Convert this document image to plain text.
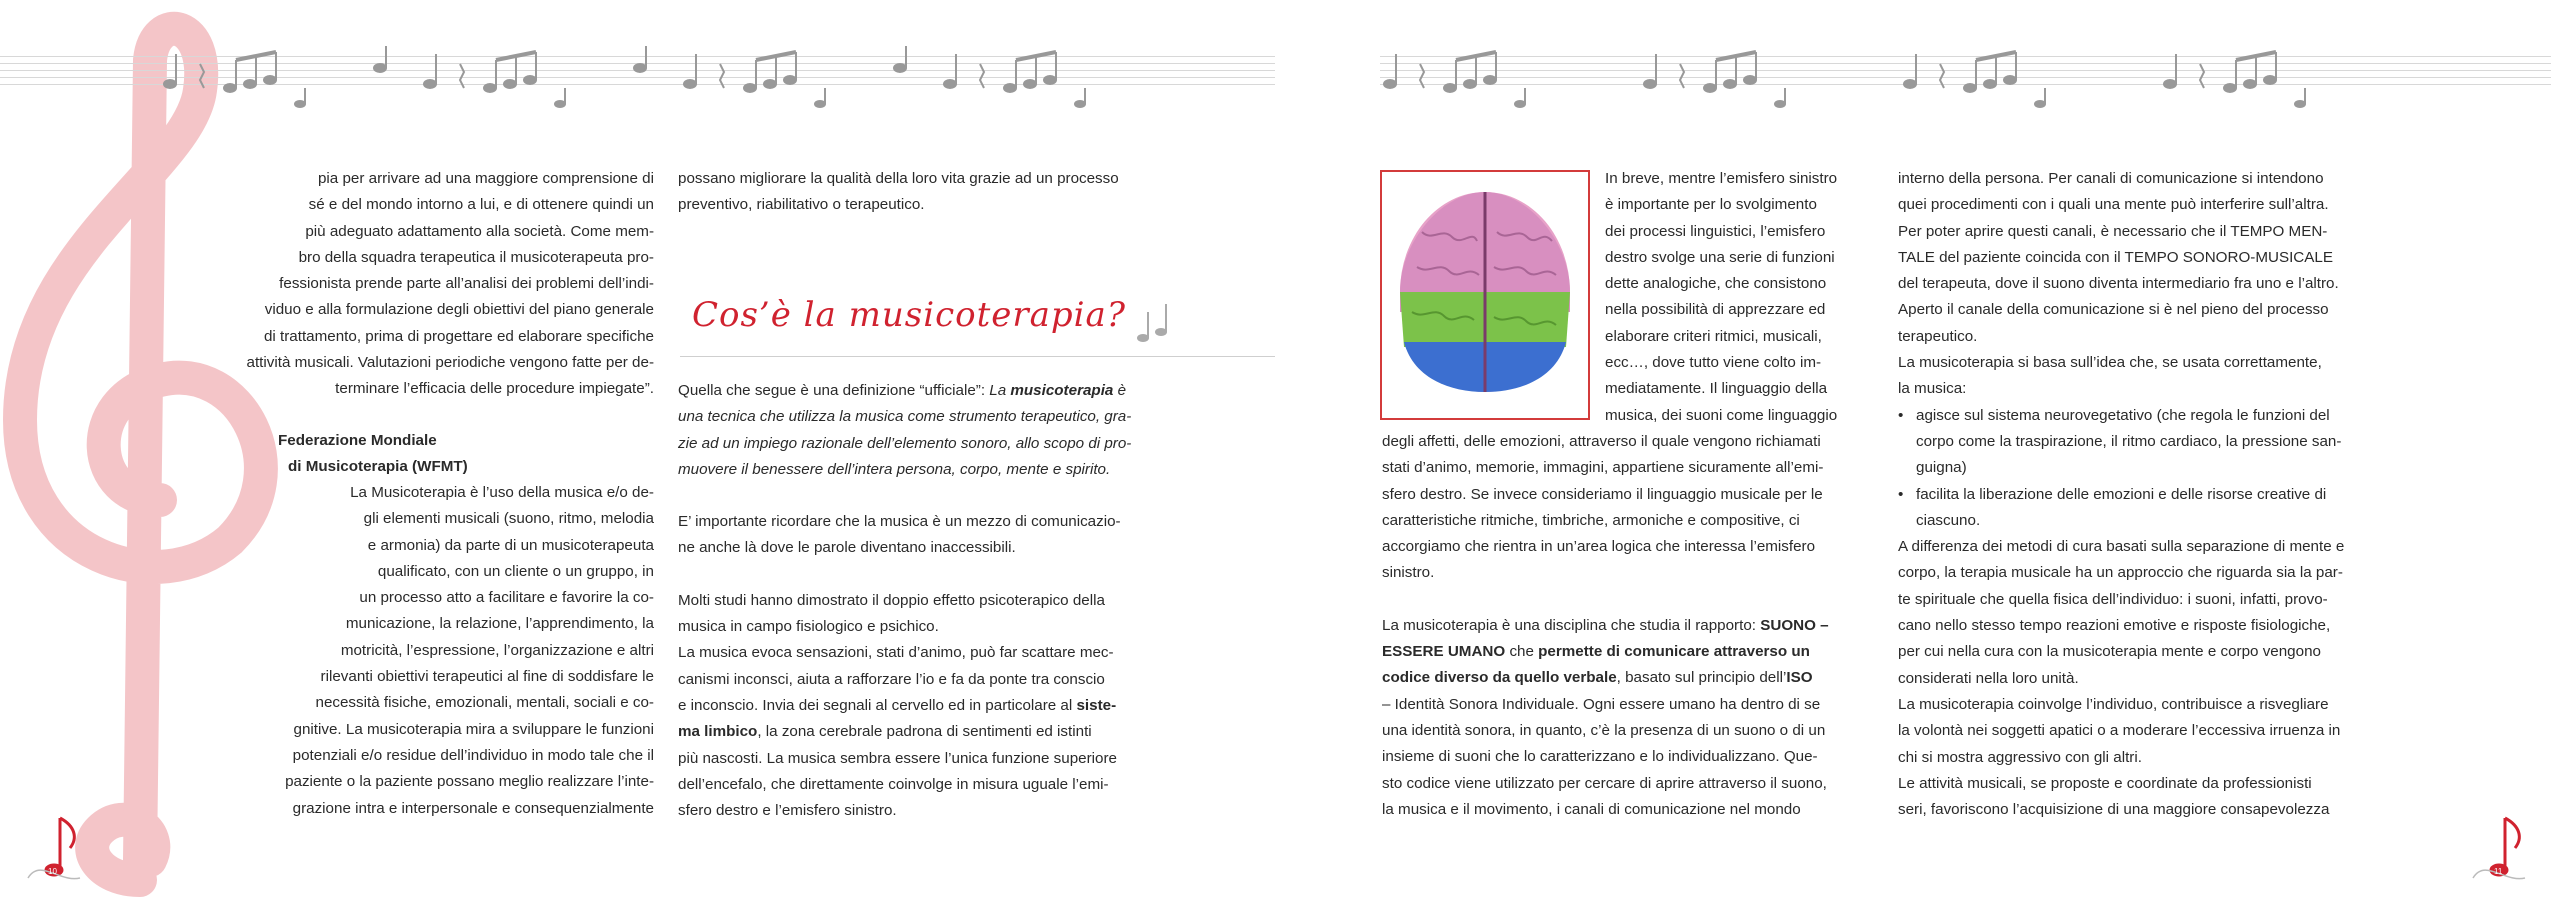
pia per arrivare ad una maggiore comprensione di

sé e del mondo intorno a lui, e di ottenere quindi un

più adeguato adattamento alla società. Come mem-

bro della squadra terapeutica il musicoterapeuta pro-

fessionista prende parte all’analisi dei problemi dell’indi-

viduo e alla formulazione degli obiettivi del piano generale

di trattamento, prima di progettare ed elaborare specifiche

attività musicali. Valutazioni periodiche vengono fatte per de-

terminare l’efficacia delle procedure impiegate”.

Federazione Mondiale

di Musicoterapia (WFMT)

La Musicoterapia è l’uso della musica e/o de-

gli elementi musicali (suono, ritmo, melodia

e armonia) da parte di un musicoterapeuta

qualificato, con un cliente o un gruppo, in

un processo atto a facilitare e favorire la co-

municazione, la relazione, l’apprendimento, la

motricità, l’espressione, l’organizzazione e altri

rilevanti obiettivi terapeutici al fine di soddisfare le

necessità fisiche, emozionali, mentali, sociali e co-

gnitive. La musicoterapia mira a sviluppare le funzioni

potenziali e/o residue dell’individuo in modo tale che il

paziente o la paziente possano meglio realizzare l’inte-

grazione intra e interpersonale e consequenzialmente

possano migliorare la qualità della loro vita grazie ad un processo

preventivo, riabilitativo o terapeutico.

Cos’è la musicoterapia?

Quella che segue è una definizione “ufficiale”: La musicoterapia è

una tecnica che utilizza la musica come strumento terapeutico, gra-

zie ad un impiego razionale dell’elemento sonoro, allo scopo di pro-

muovere il benessere dell’intera persona, corpo, mente e spirito.

E’ importante ricordare che la musica è un mezzo di comunicazio-

ne anche là dove le parole diventano inaccessibili.

Molti studi hanno dimostrato il doppio effetto psicoterapico della

musica in campo fisiologico e psichico.

La musica evoca sensazioni, stati d’animo, può far scattare mec-

canismi inconsci, aiuta a rafforzare l’io e fa da ponte tra conscio

e inconscio. Invia dei segnali al cervello ed in particolare al siste-

ma limbico, la zona cerebrale padrona di sentimenti ed istinti

più nascosti. La musica sembra essere l’unica funzione superiore

dell’encefalo, che direttamente coinvolge in misura uguale l’emi-

sfero destro e l’emisfero sinistro.

10

In breve, mentre l’emisfero sinistro

è importante per lo svolgimento

dei processi linguistici, l’emisfero

destro svolge una serie di funzioni

dette analogiche, che consistono

nella possibilità di apprezzare ed

elaborare criteri ritmici, musicali,

ecc…, dove tutto viene colto im-

mediatamente. Il linguaggio della

musica, dei suoni come linguaggio

degli affetti, delle emozioni, attraverso il quale vengono richiamati

stati d’animo, memorie, immagini, appartiene sicuramente all’emi-

sfero destro. Se invece consideriamo il linguaggio musicale per le

caratteristiche ritmiche, timbriche, armoniche e compositive, ci

accorgiamo che rientra in un’area logica che interessa l’emisfero

sinistro.

La musicoterapia è una disciplina che studia il rapporto: SUONO –

ESSERE UMANO che permette di comunicare attraverso un

codice diverso da quello verbale, basato sul principio dell’ISO

– Identità Sonora Individuale. Ogni essere umano ha dentro di se

una identità sonora, in quanto, c’è la presenza di un suono o di un

insieme di suoni che lo caratterizzano e lo individualizzano. Que-

sto codice viene utilizzato per cercare di aprire attraverso il suono,

la musica e il movimento, i canali di comunicazione nel mondo

interno della persona. Per canali di comunicazione si intendono

quei procedimenti con i quali una mente può interferire sull’altra.

Per poter aprire questi canali, è necessario che il TEMPO MEN-

TALE del paziente coincida con il TEMPO SONORO-MUSICALE

del terapeuta, dove il suono diventa intermediario fra uno e l’altro.

Aperto il canale della comunicazione si è nel pieno del processo

terapeutico.

La musicoterapia si basa sull’idea che, se usata correttamente,

la musica:

• agisce sul sistema neurovegetativo (che regola le funzioni del
corpo come la traspirazione, il ritmo cardiaco, la pressione san-
guigna)
• facilita la liberazione delle emozioni e delle risorse creative di
ciascuno.

A differenza dei metodi di cura basati sulla separazione di mente e

corpo, la terapia musicale ha un approccio che riguarda sia la par-

te spirituale che quella fisica dell’individuo: i suoni, infatti, provo-

cano nello stesso tempo reazioni emotive e risposte fisiologiche,

per cui nella cura con la musicoterapia mente e corpo vengono

considerati nella loro unità.

La musicoterapia coinvolge l’individuo, contribuisce a risvegliare

la volontà nei soggetti apatici o a moderare l’eccessiva irruenza in

chi si mostra aggressivo con gli altri.

Le attività musicali, se proposte e coordinate da professionisti

seri, favoriscono l’acquisizione di una maggiore consapevolezza

11
